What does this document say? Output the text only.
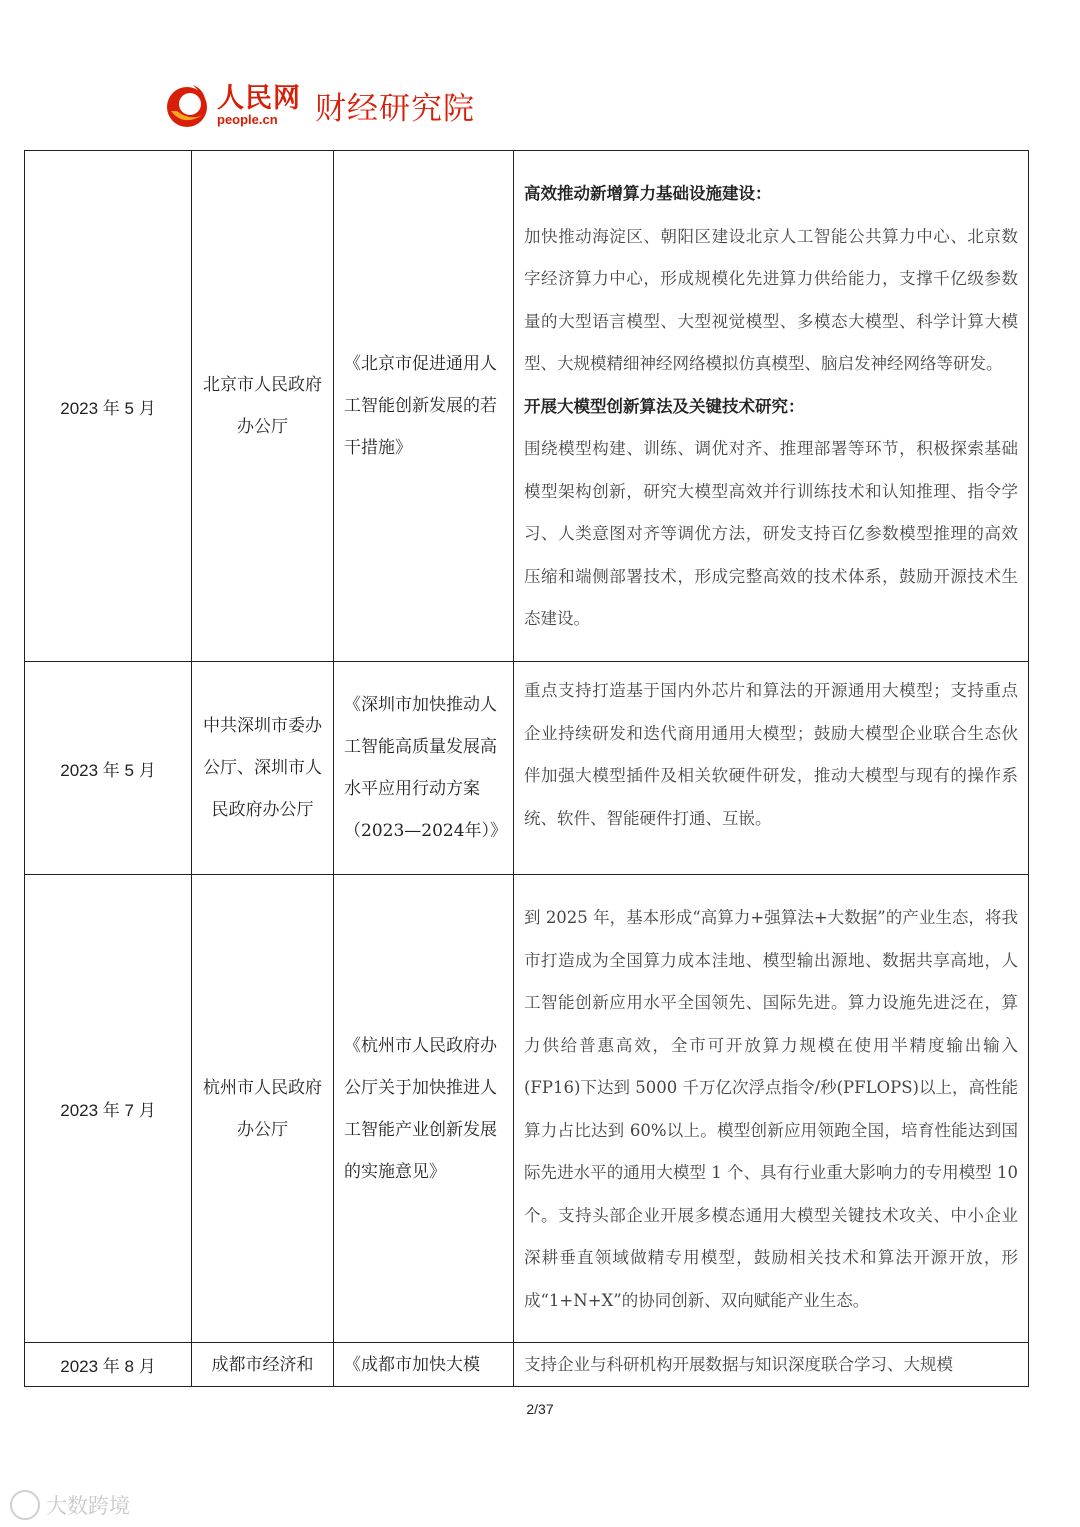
人民网
people.cn	财经研究院
2023 年 5 月	北京市人民政府办公厅	《北京市促进通用人工智能创新发展的若干措施》	高效推动新增算力基础设施建设：
加快推动海淀区、朝阳区建设北京人工智能公共算力中心、北京数字经济算力中心，形成规模化先进算力供给能力，支撑千亿级参数量的大型语言模型、大型视觉模型、多模态大模型、科学计算大模型、大规模精细神经网络模拟仿真模型、脑启发神经网络等研发。
开展大模型创新算法及关键技术研究：
围绕模型构建、训练、调优对齐、推理部署等环节，积极探索基础模型架构创新，研究大模型高效并行训练技术和认知推理、指令学习、人类意图对齐等调优方法，研发支持百亿参数模型推理的高效压缩和端侧部署技术，形成完整高效的技术体系，鼓励开源技术生态建设。

2023 年 5 月	中共深圳市委办公厅、深圳市人民政府办公厅	《深圳市加快推动人工智能高质量发展高水平应用行动方案（2023—2024年）》	重点支持打造基于国内外芯片和算法的开源通用大模型；支持重点企业持续研发和迭代商用通用大模型；鼓励大模型企业联合生态伙伴加强大模型插件及相关软硬件研发，推动大模型与现有的操作系统、软件、智能硬件打通、互嵌。

2023 年 7 月	杭州市人民政府办公厅	《杭州市人民政府办公厅关于加快推进人工智能产业创新发展的实施意见》	到 2025 年，基本形成“高算力+强算法+大数据”的产业生态，将我市打造成为全国算力成本洼地、模型输出源地、数据共享高地，人工智能创新应用水平全国领先、国际先进。算力设施先进泛在，算力供给普惠高效，全市可开放算力规模在使用半精度输出输入(FP16)下达到 5000 千万亿次浮点指令/秒(PFLOPS)以上，高性能算力占比达到 60%以上。模型创新应用领跑全国，培育性能达到国际先进水平的通用大模型 1 个、具有行业重大影响力的专用模型 10 个。支持头部企业开展多模态通用大模型关键技术攻关、中小企业深耕垂直领域做精专用模型，鼓励相关技术和算法开源开放，形成“1+N+X”的协同创新、双向赋能产业生态。

2023 年 8 月	成都市经济和	《成都市加快大模	支持企业与科研机构开展数据与知识深度联合学习、大规模
2/37
大数跨境
